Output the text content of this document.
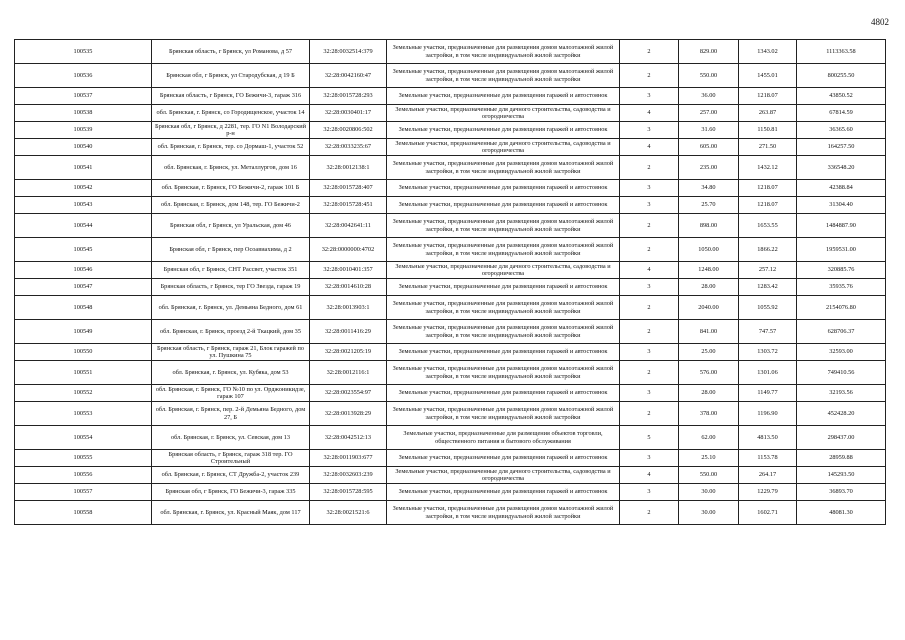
4802
100535	Брянская область, г Брянск, ул Романова, д 57	32:28:0032514:379	Земельные участки, предназначенные для размещения домов малоэтажной жилой застройки, в том числе индивидуальной жилой застройки	2	829.00	1343.02	1113363.58
100536	Брянская обл, г Брянск, ул Стародубская, д 19 Б	32:28:0042160:47	Земельные участки, предназначенные для размещения домов малоэтажной жилой застройки, в том числе индивидуальной жилой застройки	2	550.00	1455.01	800255.50
100537	Брянская область, г Брянск, ГО Бежичи-3, гараж 316	32:28:0015728:293	Земельные участки, предназначенные для размещения гаражей и автостоянок	3	36.00	1218.07	43850.52
100538	обл. Брянская, г. Брянск, со Городищенское, участок 14	32:28:0030401:17	Земельные участки, предназначенные для дачного строительства, садоводства и огородничества	4	257.00	263.87	67814.59
100539	Брянская обл, г Брянск, д 2281, тер. ГО N1 Володарский р-н	32:28:0020806:502	Земельные участки, предназначенные для размещения гаражей и автостоянок	3	31.60	1150.81	36365.60
100540	обл. Брянская, г. Брянск, тер. со Дормаш-1, участок 52	32:28:0033235:67	Земельные участки, предназначенные для дачного строительства, садоводства и огородничества	4	605.00	271.50	164257.50
100541	обл. Брянская, г. Брянск, ул. Металлургов, дом 16	32:28:0012138:1	Земельные участки, предназначенные для размещения домов малоэтажной жилой застройки, в том числе индивидуальной жилой застройки	2	235.00	1432.12	336548.20
100542	обл. Брянская, г. Брянск, ГО Бежичи-2, гараж 101 Б	32:28:0015728:407	Земельные участки, предназначенные для размещения гаражей и автостоянок	3	34.80	1218.07	42388.84
100543	обл. Брянская, г. Брянск, дом 148, тер. ГО Бежичи-2	32:28:0015728:451	Земельные участки, предназначенные для размещения гаражей и автостоянок	3	25.70	1218.07	31304.40
100544	Брянская обл, г Брянск, ул Уральская, дом 46	32:28:0042641:11	Земельные участки, предназначенные для размещения домов малоэтажной жилой застройки, в том числе индивидуальной жилой застройки	2	898.00	1653.55	1484887.90
100545	Брянская обл, г Брянск, пер Осоавиахима, д 2	32:28:0000000:4702	Земельные участки, предназначенные для размещения домов малоэтажной жилой застройки, в том числе индивидуальной жилой застройки	2	1050.00	1866.22	1959531.00
100546	Брянская обл, г Брянск, СНТ Рассвет, участок 351	32:28:0010401:357	Земельные участки, предназначенные для дачного строительства, садоводства и огородничества	4	1248.00	257.12	320885.76
100547	Брянская область, г Брянск, тер ГО Звезда, гараж 19	32:28:0014610:28	Земельные участки, предназначенные для размещения гаражей и автостоянок	3	28.00	1283.42	35935.76
100548	обл. Брянская, г. Брянск, ул. Демьяна Бедного, дом 61	32:28:0013903:1	Земельные участки, предназначенные для размещения домов малоэтажной жилой застройки, в том числе индивидуальной жилой застройки	2	2040.00	1055.92	2154076.80
100549	обл. Брянская, г. Брянск, проезд 2-й Ткацкий, дом 35	32:28:0011416:29	Земельные участки, предназначенные для размещения домов малоэтажной жилой застройки, в том числе индивидуальной жилой застройки	2	841.00	747.57	628706.37
100550	Брянская область, г Брянск, гараж 21, Блок гаражей по ул. Пушкина 75	32:28:0021205:19	Земельные участки, предназначенные для размещения гаражей и автостоянок	3	25.00	1303.72	32593.00
100551	обл. Брянская, г. Брянск, ул. Кубяка, дом 53	32:28:0012116:1	Земельные участки, предназначенные для размещения домов малоэтажной жилой застройки, в том числе индивидуальной жилой застройки	2	576.00	1301.06	749410.56
100552	обл. Брянская, г. Брянск, ГО №10 по ул. Орджоникидзе, гараж 107	32:28:0023554:97	Земельные участки, предназначенные для размещения гаражей и автостоянок	3	28.00	1149.77	32193.56
100553	обл. Брянская, г. Брянск, пер. 2-й Демьяна Бедного, дом 27, Б	32:28:0013928:29	Земельные участки, предназначенные для размещения домов малоэтажной жилой застройки, в том числе индивидуальной жилой застройки	2	378.00	1196.90	452428.20
100554	обл. Брянская, г. Брянск, ул. Севская, дом 13	32:28:0042512:13	Земельные участки, предназначенные для размещения объектов торговли, общественного питания и бытового обслуживания	5	62.00	4813.50	298437.00
100555	Брянская область, г Брянск, гараж 318 тер. ГО Строительный	32:28:0011903:677	Земельные участки, предназначенные для размещения гаражей и автостоянок	3	25.10	1153.78	28959.88
100556	обл. Брянская, г. Брянск, СТ Дружба-2, участок 239	32:28:0032603:239	Земельные участки, предназначенные для дачного строительства, садоводства и огородничества	4	550.00	264.17	145293.50
100557	Брянская обл, г Брянск, ГО Бежичи-3, гараж 335	32:28:0015728:595	Земельные участки, предназначенные для размещения гаражей и автостоянок	3	30.00	1229.79	36893.70
100558	обл. Брянская, г. Брянск, ул. Красный Маяк, дом 117	32:28:0021521:6	Земельные участки, предназначенные для размещения домов малоэтажной жилой застройки, в том числе индивидуальной жилой застройки	2	30.00	1602.71	48081.30
